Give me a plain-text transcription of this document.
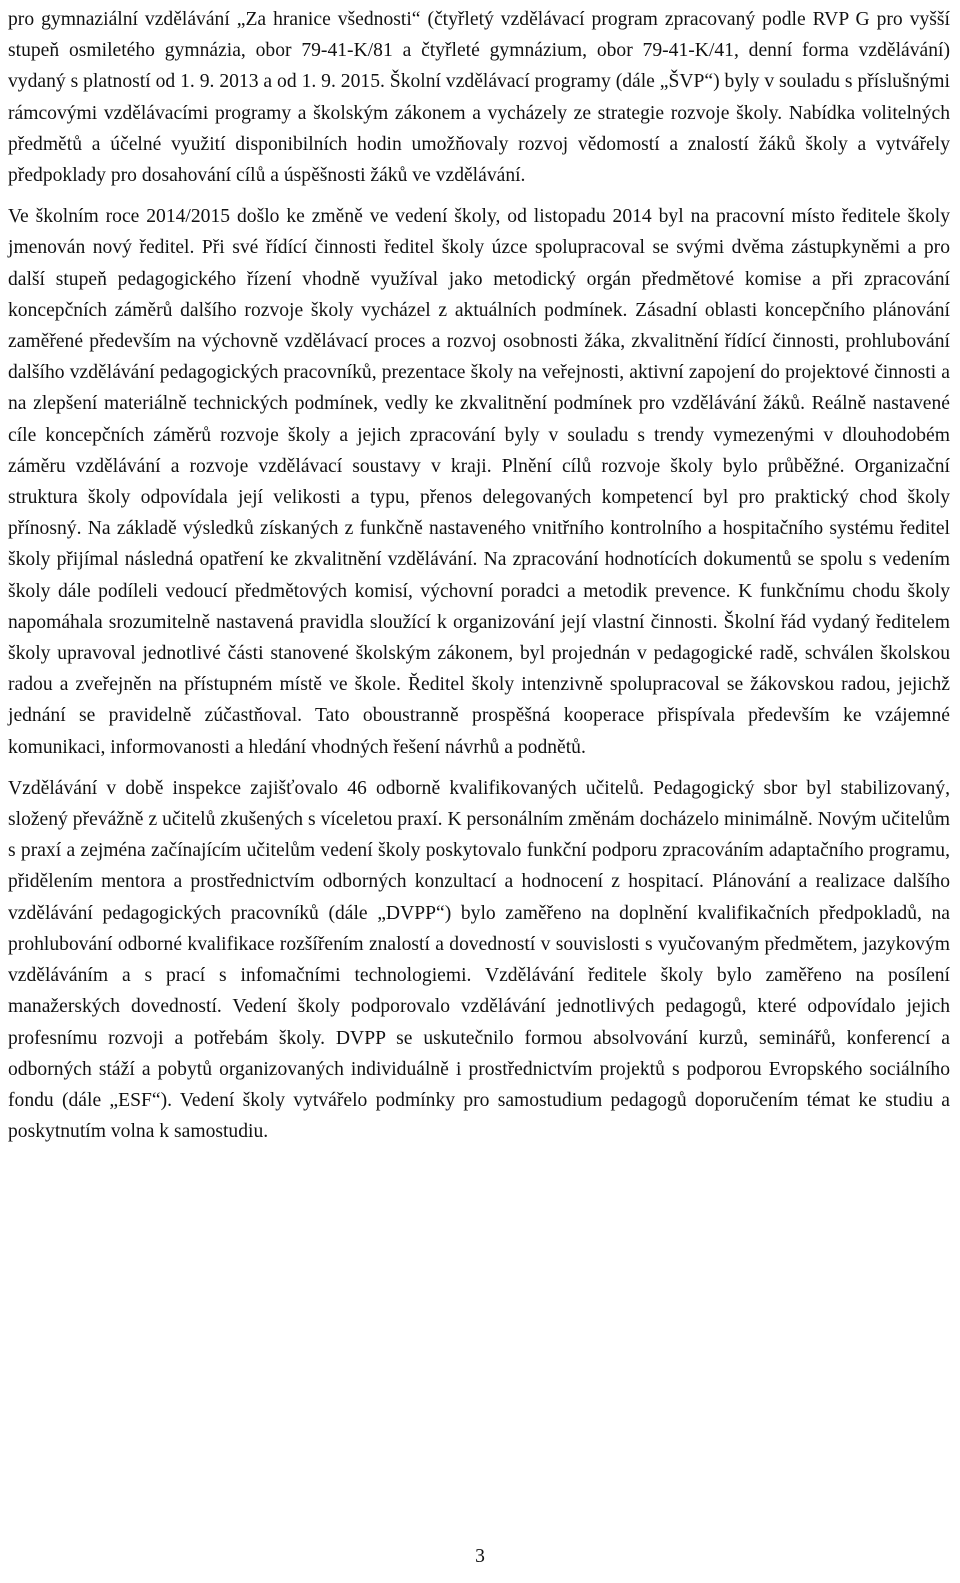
pro gymnaziální vzdělávání „Za hranice všednosti“ (čtyřletý vzdělávací program zpracovaný podle RVP G pro vyšší stupeň osmiletého gymnázia, obor 79-41-K/81 a čtyřleté gymnázium, obor 79-41-K/41, denní forma vzdělávání) vydaný s platností od 1. 9. 2013 a od 1. 9. 2015. Školní vzdělávací programy (dále „ŠVP“) byly v souladu s příslušnými rámcovými vzdělávacími programy a školským zákonem a vycházely ze strategie rozvoje školy. Nabídka volitelných předmětů a účelné využití disponibilních hodin umožňovaly rozvoj vědomostí a znalostí žáků školy a vytvářely předpoklady pro dosahování cílů a úspěšnosti žáků ve vzdělávání.

Ve školním roce 2014/2015 došlo ke změně ve vedení školy, od listopadu 2014 byl na pracovní místo ředitele školy jmenován nový ředitel. Při své řídící činnosti ředitel školy úzce spolupracoval se svými dvěma zástupkyněmi a pro další stupeň pedagogického řízení vhodně využíval jako metodický orgán předmětové komise a při zpracování koncepčních záměrů dalšího rozvoje školy vycházel z aktuálních podmínek. Zásadní oblasti koncepčního plánování zaměřené především na výchovně vzdělávací proces a rozvoj osobnosti žáka, zkvalitnění řídící činnosti, prohlubování dalšího vzdělávání pedagogických pracovníků, prezentace školy na veřejnosti, aktivní zapojení do projektové činnosti a na zlepšení materiálně technických podmínek, vedly ke zkvalitnění podmínek pro vzdělávání žáků. Reálně nastavené cíle koncepčních záměrů rozvoje školy a jejich zpracování byly v souladu s trendy vymezenými v dlouhodobém záměru vzdělávání a rozvoje vzdělávací soustavy v kraji. Plnění cílů rozvoje školy bylo průběžné. Organizační struktura školy odpovídala její velikosti a typu, přenos delegovaných kompetencí byl pro praktický chod školy přínosný. Na základě výsledků získaných z funkčně nastaveného vnitřního kontrolního a hospitačního systému ředitel školy přijímal následná opatření ke zkvalitnění vzdělávání. Na zpracování hodnotících dokumentů se spolu s vedením školy dále podíleli vedoucí předmětových komisí, výchovní poradci a metodik prevence. K funkčnímu chodu školy napomáhala srozumitelně nastavená pravidla sloužící k organizování její vlastní činnosti. Školní řád vydaný ředitelem školy upravoval jednotlivé části stanovené školským zákonem, byl projednán v pedagogické radě, schválen školskou radou a zveřejněn na přístupném místě ve škole. Ředitel školy intenzivně spolupracoval se žákovskou radou, jejichž jednání se pravidelně zúčastňoval. Tato oboustranně prospěšná kooperace přispívala především ke vzájemné komunikaci, informovanosti a hledání vhodných řešení návrhů a podnětů.

Vzdělávání v době inspekce zajišťovalo 46 odborně kvalifikovaných učitelů. Pedagogický sbor byl stabilizovaný, složený převážně z učitelů zkušených s víceletou praxí. K personálním změnám docházelo minimálně. Novým učitelům s praxí a zejména začínajícím učitelům vedení školy poskytovalo funkční podporu zpracováním adaptačního programu, přidělením mentora a prostřednictvím odborných konzultací a hodnocení z hospitací. Plánování a realizace dalšího vzdělávání pedagogických pracovníků (dále „DVPP“) bylo zaměřeno na doplnění kvalifikačních předpokladů, na prohlubování odborné kvalifikace rozšířením znalostí a dovedností v souvislosti s vyučovaným předmětem, jazykovým vzděláváním a s prací s infomačními technologiemi. Vzdělávání ředitele školy bylo zaměřeno na posílení manažerských dovedností. Vedení školy podporovalo vzdělávání jednotlivých pedagogů, které odpovídalo jejich profesnímu rozvoji a potřebám školy. DVPP se uskutečnilo formou absolvování kurzů, seminářů, konferencí a odborných stáží a pobytů organizovaných individuálně i prostřednictvím projektů s podporou Evropského sociálního fondu (dále „ESF“). Vedení školy vytvářelo podmínky pro samostudium pedagogů doporučením témat ke studiu a poskytnutím volna k samostudiu.

3
